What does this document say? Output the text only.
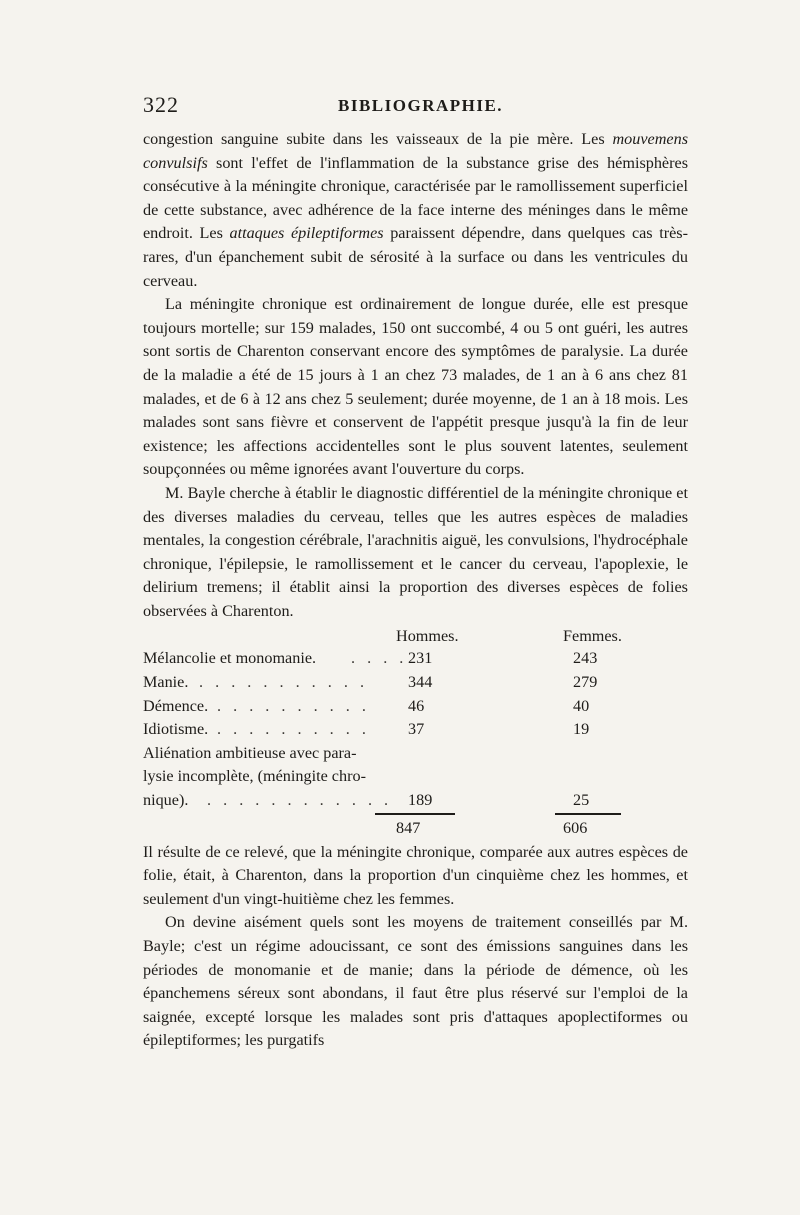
322	BIBLIOGRAPHIE.

congestion sanguine subite dans les vaisseaux de la pie mère. Les mouvemens convulsifs sont l'effet de l'inflammation de la substance grise des hémisphères consécutive à la méningite chronique, caractérisée par le ramollissement superficiel de cette substance, avec adhérence de la face interne des méninges dans le même endroit. Les attaques épileptiformes paraissent dépendre, dans quelques cas très-rares, d'un épanchement subit de sérosité à la surface ou dans les ventricules du cerveau.

La méningite chronique est ordinairement de longue durée, elle est presque toujours mortelle; sur 159 malades, 150 ont succombé, 4 ou 5 ont guéri, les autres sont sortis de Charenton conservant encore des symptômes de paralysie. La durée de la maladie a été de 15 jours à 1 an chez 73 malades, de 1 an à 6 ans chez 81 malades, et de 6 à 12 ans chez 5 seulement; durée moyenne, de 1 an à 18 mois. Les malades sont sans fièvre et conservent de l'appétit presque jusqu'à la fin de leur existence; les affections accidentelles sont le plus souvent latentes, seulement soupçonnées ou même ignorées avant l'ouverture du corps.

M. Bayle cherche à établir le diagnostic différentiel de la méningite chronique et des diverses maladies du cerveau, telles que les autres espèces de maladies mentales, la congestion cérébrale, l'arachnitis aiguë, les convulsions, l'hydrocéphale chronique, l'épilepsie, le ramollissement et le cancer du cerveau, l'apoplexie, le delirium tremens; il établit ainsi la proportion des diverses espèces de folies observées à Charenton.

Hommes.	Femmes.
Mélancolie et monomanie. . . . . 231	243
Manie. . . . . . . . . . . . 344	279
Démence. . . . . . . . . . . 46	40
Idiotisme. . . . . . . . . . . 37	19
Aliénation ambitieuse avec para-
lysie incomplète, (méningite chro-
nique). . . . . . . . . . . . . 189	25
847	606

Il résulte de ce relevé, que la méningite chronique, comparée aux autres espèces de folie, était, à Charenton, dans la proportion d'un cinquième chez les hommes, et seulement d'un vingt-huitième chez les femmes.

On devine aisément quels sont les moyens de traitement conseillés par M. Bayle; c'est un régime adoucissant, ce sont des émissions sanguines dans les périodes de monomanie et de manie; dans la période de démence, où les épanchemens séreux sont abondans, il faut être plus réservé sur l'emploi de la saignée, excepté lorsque les malades sont pris d'attaques apoplectiformes ou épileptiformes; les purgatifs
